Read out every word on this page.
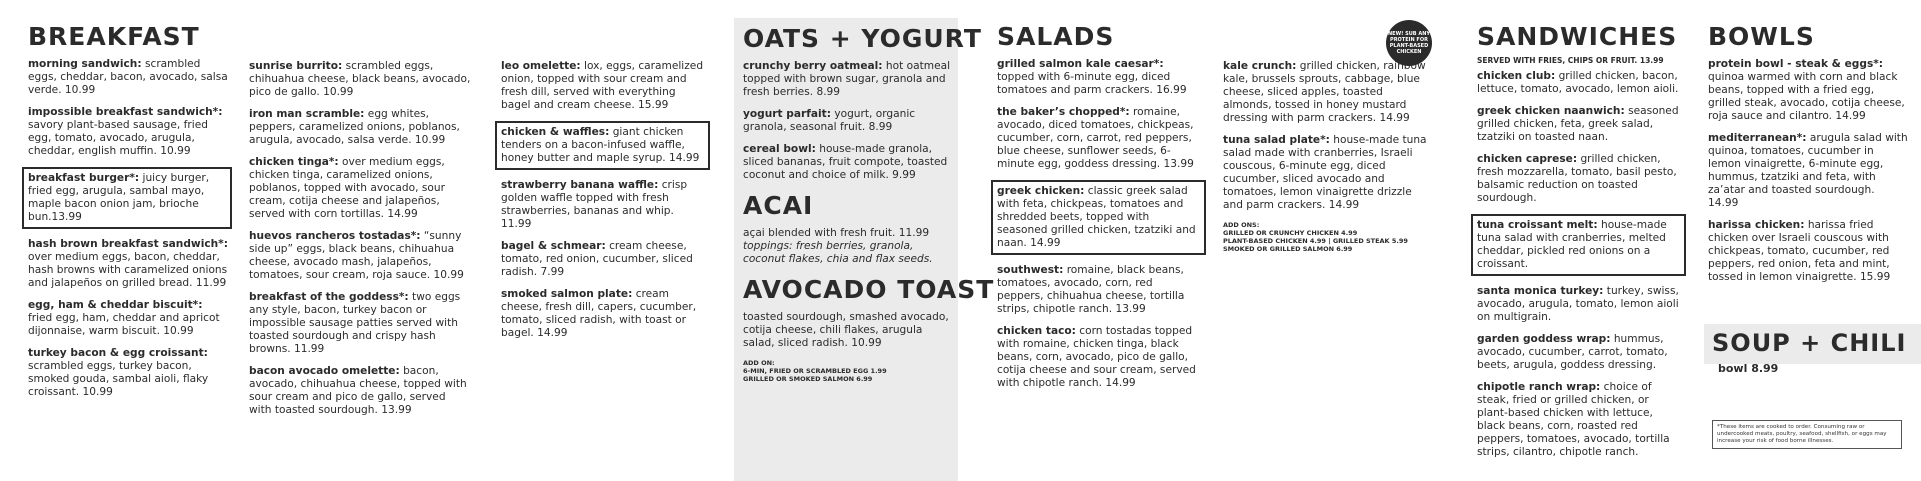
BREAKFAST
morning sandwich: scrambled eggs, cheddar, bacon, avocado, salsa verde. 10.99
impossible breakfast sandwich*: savory plant-based sausage, fried egg, tomato, avocado, arugula, cheddar, english muffin. 10.99
breakfast burger*: juicy burger, fried egg, arugula, sambal mayo, maple bacon onion jam, brioche bun.13.99
hash brown breakfast sandwich*: over medium eggs, bacon, cheddar, hash browns with caramelized onions and jalapeños on grilled bread. 11.99
egg, ham & cheddar biscuit*: fried egg, ham, cheddar and apricot dijonnaise, warm biscuit. 10.99
turkey bacon & egg croissant: scrambled eggs, turkey bacon, smoked gouda, sambal aioli, flaky croissant. 10.99
sunrise burrito: scrambled eggs, chihuahua cheese, black beans, avocado, pico de gallo. 10.99
iron man scramble: egg whites, peppers, caramelized onions, poblanos, arugula, avocado, salsa verde. 10.99
chicken tinga*: over medium eggs, chicken tinga, caramelized onions, poblanos, topped with avocado, sour cream, cotija cheese and jalapeños, served with corn tortillas. 14.99
huevos rancheros tostadas*: “sunny side up” eggs, black beans, chihuahua cheese, avocado mash, jalapeños, tomatoes, sour cream, roja sauce. 10.99
breakfast of the goddess*: two eggs any style, bacon, turkey bacon or impossible sausage patties served with toasted sourdough and crispy hash browns. 11.99
bacon avocado omelette: bacon, avocado, chihuahua cheese, topped with sour cream and pico de gallo, served with toasted sourdough. 13.99
leo omelette: lox, eggs, caramelized onion, topped with sour cream and fresh dill, served with everything bagel and cream cheese. 15.99
chicken & waffles: giant chicken tenders on a bacon-infused waffle, honey butter and maple syrup. 14.99
strawberry banana waffle: crisp golden waffle topped with fresh strawberries, bananas and whip. 11.99
bagel & schmear: cream cheese, tomato, red onion, cucumber, sliced radish. 7.99
smoked salmon plate: cream cheese, fresh dill, capers, cucumber, tomato, sliced radish, with toast or bagel. 14.99
OATS + YOGURT
crunchy berry oatmeal: hot oatmeal topped with brown sugar, granola and fresh berries. 8.99
yogurt parfait: yogurt, organic granola, seasonal fruit. 8.99
cereal bowl: house-made granola, sliced bananas, fruit compote, toasted coconut and choice of milk. 9.99
ACAI
açai blended with fresh fruit. 11.99
toppings: fresh berries, granola, coconut flakes, chia and flax seeds.
AVOCADO TOAST
toasted sourdough, smashed avocado, cotija cheese, chili flakes, arugula salad, sliced radish. 10.99
ADD ON:
6-MIN, FRIED OR SCRAMBLED EGG 1.99
GRILLED OR SMOKED SALMON 6.99
SALADS
grilled salmon kale caesar*: topped with 6-minute egg, diced tomatoes and parm crackers. 16.99
the baker’s chopped*: romaine, avocado, diced tomatoes, chickpeas, cucumber, corn, carrot, red peppers, blue cheese, sunflower seeds, 6-minute egg, goddess dressing. 13.99
greek chicken: classic greek salad with feta, chickpeas, tomatoes and shredded beets, topped with seasoned grilled chicken, tzatziki and naan. 14.99
southwest: romaine, black beans, tomatoes, avocado, corn, red peppers, chihuahua cheese, tortilla strips, chipotle ranch. 13.99
chicken taco: corn tostadas topped with romaine, chicken tinga, black beans, corn, avocado, pico de gallo, cotija cheese and sour cream, served with chipotle ranch. 14.99
NEW! SUB ANY PROTEIN FOR PLANT-BASED CHICKEN
kale crunch: grilled chicken, rainbow kale, brussels sprouts, cabbage, blue cheese, sliced apples, toasted almonds, tossed in honey mustard dressing with parm crackers. 14.99
tuna salad plate*: house-made tuna salad made with cranberries, Israeli couscous, 6-minute egg, diced cucumber, sliced avocado and tomatoes, lemon vinaigrette drizzle and parm crackers. 14.99
ADD ONS:
GRILLED OR CRUNCHY CHICKEN 4.99
PLANT-BASED CHICKEN 4.99 | GRILLED STEAK 5.99
SMOKED OR GRILLED SALMON 6.99
SANDWICHES
SERVED WITH FRIES, CHIPS OR FRUIT. 13.99
chicken club: grilled chicken, bacon, lettuce, tomato, avocado, lemon aioli.
greek chicken naanwich: seasoned grilled chicken, feta, greek salad, tzatziki on toasted naan.
chicken caprese: grilled chicken, fresh mozzarella, tomato, basil pesto, balsamic reduction on toasted sourdough.
tuna croissant melt: house-made tuna salad with cranberries, melted cheddar, pickled red onions on a croissant.
santa monica turkey: turkey, swiss, avocado, arugula, tomato, lemon aioli on multigrain.
garden goddess wrap: hummus, avocado, cucumber, carrot, tomato, beets, arugula, goddess dressing.
chipotle ranch wrap: choice of steak, fried or grilled chicken, or plant-based chicken with lettuce, black beans, corn, roasted red peppers, tomatoes, avocado, tortilla strips, cilantro, chipotle ranch.
BOWLS
protein bowl - steak & eggs*: quinoa warmed with corn and black beans, topped with a fried egg, grilled steak, avocado, cotija cheese, roja sauce and cilantro. 14.99
mediterranean*: arugula salad with quinoa, tomatoes, cucumber in lemon vinaigrette, 6-minute egg, hummus, tzatziki and feta, with za’atar and toasted sourdough. 14.99
harissa chicken: harissa fried chicken over Israeli couscous with chickpeas, tomato, cucumber, red peppers, red onion, feta and mint, tossed in lemon vinaigrette. 15.99
SOUP + CHILI bowl 8.99
*These items are cooked to order. Consuming raw or undercooked meats, poultry, seafood, shellfish, or eggs may increase your risk of food borne illnesses.
